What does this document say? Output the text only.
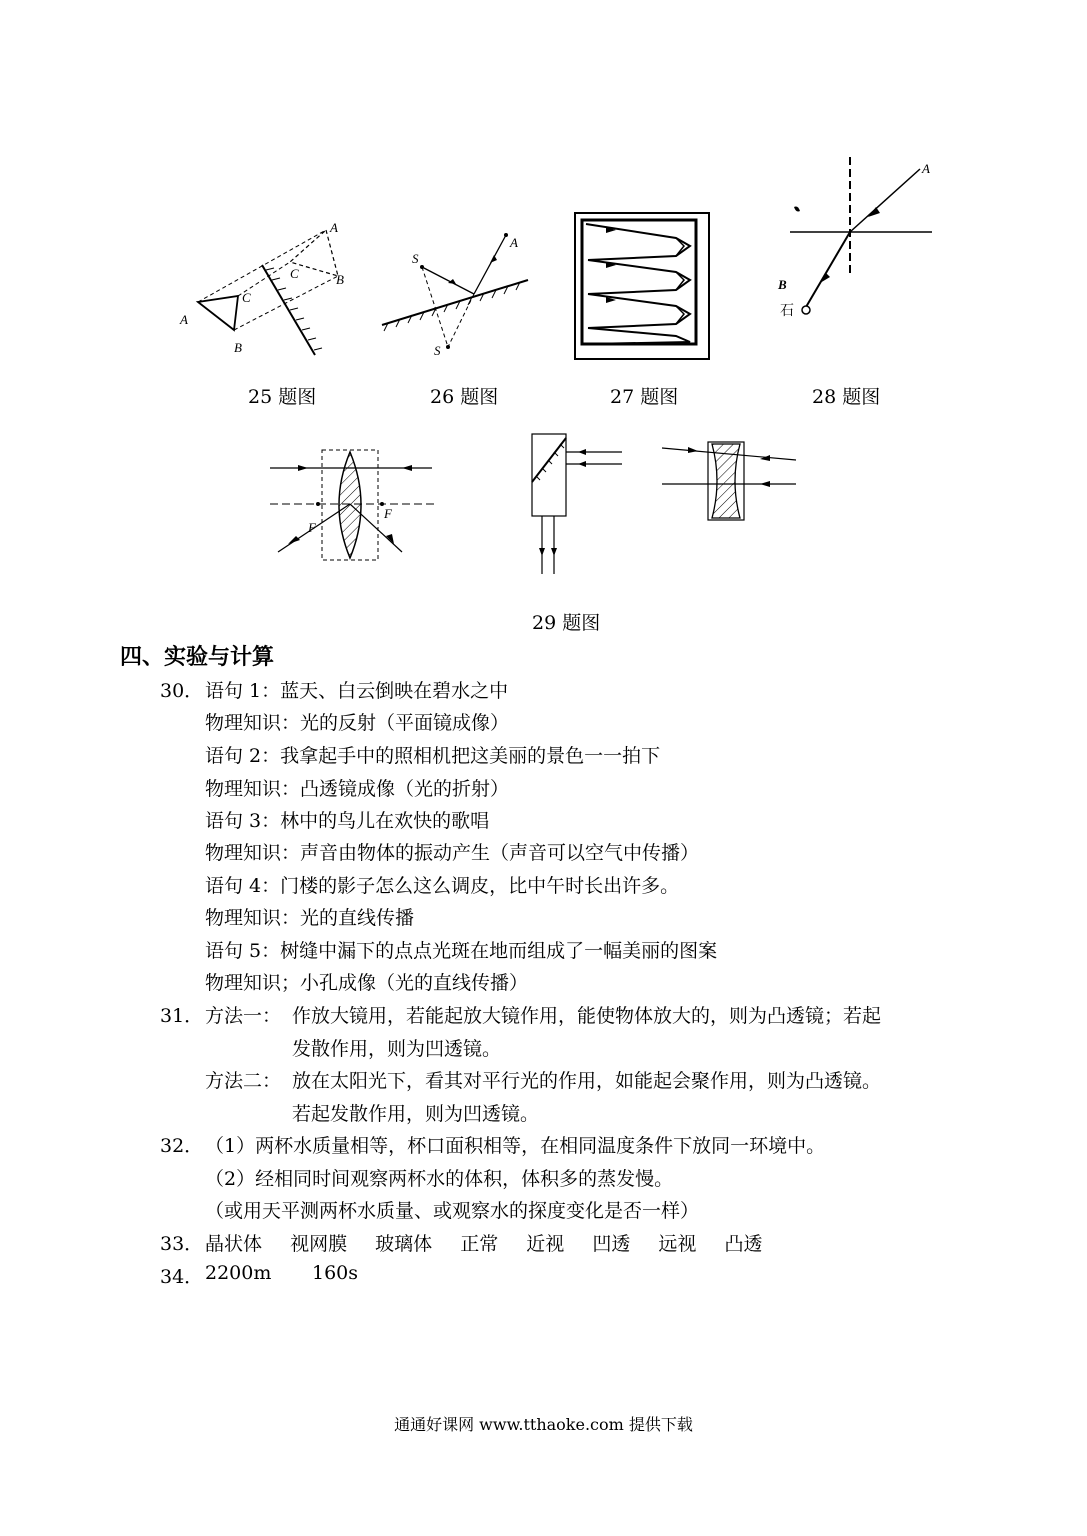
A
B
C
A
B
C
25 题图
S
S
A
26 题图	27 题图
A
B
石
28 题图
F
F
29 题图
四、实验与计算
30． 语句 1：蓝天、白云倒映在碧水之中
物理知识：光的反射（平面镜成像）
语句 2：我拿起手中的照相机把这美丽的景色一一拍下
物理知识：凸透镜成像（光的折射）
语句 3：林中的鸟儿在欢快的歌唱
物理知识：声音由物体的振动产生（声音可以空气中传播）
语句 4：门楼的影子怎么这么调皮，比中午时长出许多。
物理知识：光的直线传播
语句 5：树缝中漏下的点点光斑在地而组成了一幅美丽的图案
物理知识；小孔成像（光的直线传播）
31． 方法一： 作放大镜用，若能起放大镜作用，能使物体放大的，则为凸透镜；若起
发散作用，则为凹透镜。
方法二： 放在太阳光下，看其对平行光的作用，如能起会聚作用，则为凸透镜。
若起发散作用，则为凹透镜。
32． （1）两杯水质量相等，杯口面积相等，在相同温度条件下放同一环境中。
（2）经相同时间观察两杯水的体积，体积多的蒸发慢。
（或用天平测两杯水质量、或观察水的探度变化是否一样）
33． 晶状体 视网膜 玻璃体 正常 近视 凹透 远视 凸透
34． 2200m 160s
通通好课网 www.tthaoke.com 提供下载
